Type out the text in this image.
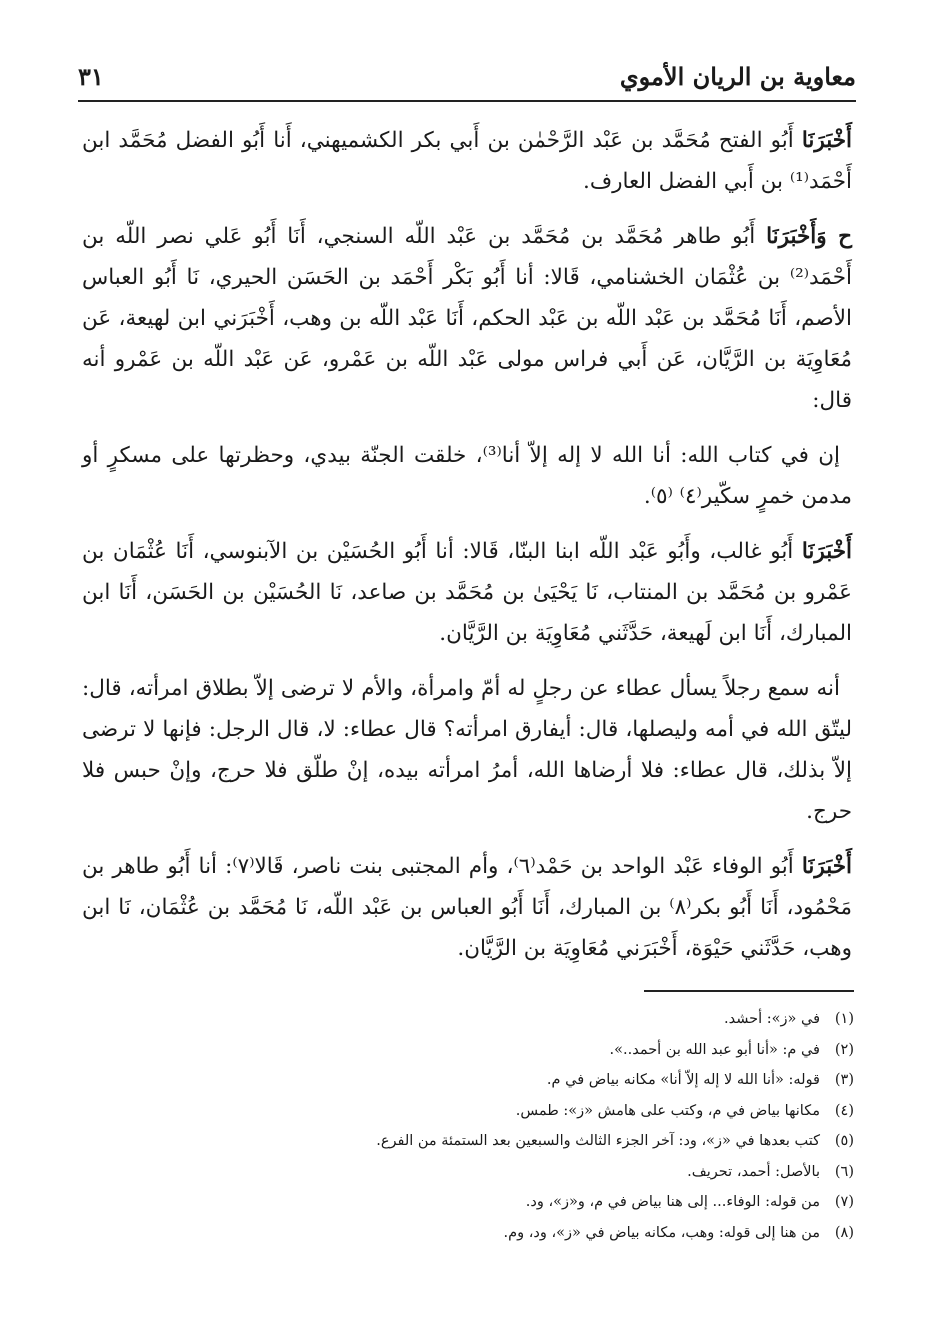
معاوية بن الريان الأموي
٣١

أَخْبَرَنَا أَبُو الفتح مُحَمَّد بن عَبْد الرَّحْمٰن بن أَبي بكر الكشميهني، أَنا أَبُو الفضل مُحَمَّد ابن أَحْمَد⁽¹⁾ بن أَبي الفضل العارف.

ح وَأَخْبَرَنَا أَبُو طاهر مُحَمَّد بن مُحَمَّد بن عَبْد اللّه السنجي، أَنَا أَبُو عَلي نصر اللّه بن أَحْمَد⁽²⁾ بن عُثْمَان الخشنامي، قَالا: أنا أَبُو بَكْر أَحْمَد بن الحَسَن الحيري، نَا أَبُو العباس الأصم، أَنَا مُحَمَّد بن عَبْد اللّه بن عَبْد الحكم، أَنَا عَبْد اللّه بن وهب، أَخْبَرَني ابن لهيعة، عَن مُعَاوِيَة بن الرَّيَّان، عَن أَبي فراس مولى عَبْد اللّه بن عَمْرو، عَن عَبْد اللّه بن عَمْرو أنه قال:

إن في كتاب الله: أنا الله لا إله إلاّ أنا⁽³⁾، خلقت الجنّة بيدي، وحظرتها على مسكرٍ أو مدمن خمرٍ سكّير⁽٤⁾ ⁽٥⁾.

أَخْبَرَنَا أَبُو غالب، وأَبُو عَبْد اللّه ابنا البنّا، قَالا: أنا أَبُو الحُسَيْن بن الآبنوسي، أَنَا عُثْمَان بن عَمْرو بن مُحَمَّد بن المنتاب، نَا يَحْيَىٰ بن مُحَمَّد بن صاعد، نَا الحُسَيْن بن الحَسَن، أَنَا ابن المبارك، أَنَا ابن لَهيعة، حَدَّثَني مُعَاوِيَة بن الرَّيَّان.

أنه سمع رجلاً يسأل عطاء عن رجلٍ له أمّ وامرأة، والأم لا ترضى إلاّ بطلاق امرأته، قال: ليتّق الله في أمه وليصلها، قال: أيفارق امرأته؟ قال عطاء: لا، قال الرجل: فإنها لا ترضى إلاّ بذلك، قال عطاء: فلا أرضاها الله، أمرُ امرأته بيده، إنْ طلّق فلا حرج، وإنْ حبس فلا حرج.

أَخْبَرَنَا أَبُو الوفاء عَبْد الواحد بن حَمْد⁽٦⁾، وأم المجتبى بنت ناصر، قَالا⁽٧⁾: أنا أَبُو طاهر بن مَحْمُود، أَنَا أَبُو بكر⁽٨⁾ بن المبارك، أَنَا أَبُو العباس بن عَبْد اللّه، نَا مُحَمَّد بن عُثْمَان، نَا ابن وهب، حَدَّثَني حَيْوَة، أَخْبَرَني مُعَاوِيَة بن الرَّيَّان.

(١)في «ز»: أحشد.
(٢)في م: «أنا أبو عبد الله بن أحمد..».
(٣)قوله: «أنا الله لا إله إلاّ أنا» مكانه بياض في م.
(٤)مكانها بياض في م، وكتب على هامش «ز»: طمس.
(٥)كتب بعدها في «ز»، ود: آخر الجزء الثالث والسبعين بعد الستمئة من الفرع.
(٦)بالأصل: أحمد، تحريف.
(٧)من قوله: الوفاء... إلى هنا بياض في م، و«ز»، ود.
(٨)من هنا إلى قوله: وهب، مكانه بياض في «ز»، ود، وم.
